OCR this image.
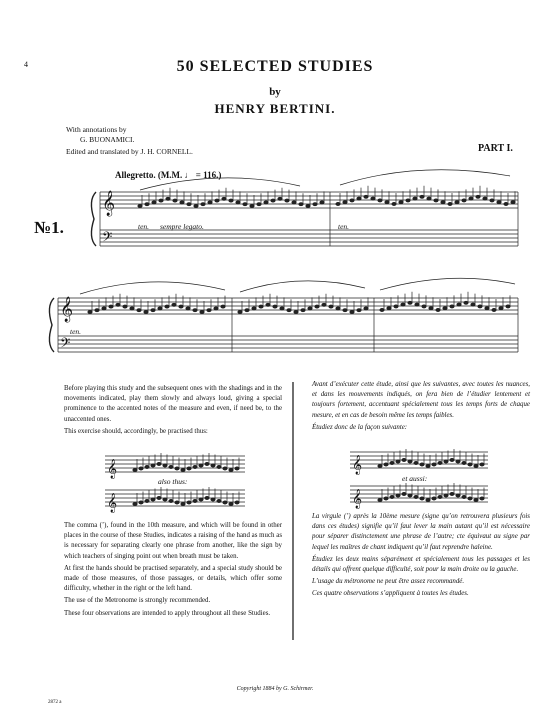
4	50 SELECTED STUDIES
by
HENRY BERTINI.
With annotations by
G. BUONAMICI.
Edited and translated by J. H. CORNELL.	PART I.
𝄞
𝄢
𝄞
𝄢
𝄞
𝄞
𝄞
𝄞
Allegretto. (M.M. ♩ = 116.)
№1.	sempre legato.
ten.	ten.
ten.

Before playing this study and the subsequent ones with the shadings and in the movements indicated, play them slowly and always loud, giving a special prominence to the accented notes of the measure and even, if need be, to the unaccented ones.

This exercise should, accordingly, be practised thus:

also thus:

The comma (’), found in the 10th measure, and which will be found in other places in the course of these Studies, indicates a raising of the hand as much as is necessary for separating clearly one phrase from another, like the sign by which teachers of singing point out when breath must be taken.

At first the hands should be practised separately, and a special study should be made of those measures, of those passages, or details, which offer some difficulty, whether in the right or the left hand.

The use of the Metronome is strongly recommended.

These four observations are intended to apply throughout all these Studies.

Avant d’exécuter cette étude, ainsi que les suivantes, avec toutes les nuances, et dans les mouvements indiqués, on fera bien de l’étudier lentement et toujours fortement, accentuant spécialement tous les temps forts de chaque mesure, et en cas de besoin même les temps faibles.

Étudiez donc de la façon suivante:

et aussi:

La virgule (’) après la 10ème mesure (signe qu’on retrouvera plusieurs fois dans ces études) signifie qu’il faut lever la main autant qu’il est nécessaire pour séparer distinctement une phrase de l’autre; cte équivaut au signe par lequel les maîtres de chant indiquent qu’il faut reprendre haleine.

Étudiez les deux mains séparément et spécialement tous les passages et les détails qui offrent quelque difficulté, soit pour la main droite ou la gauche.

L’usage du métronome ne peut être assez recommandé.

Ces quatre observations s’appliquent à toutes les études.

Copyright 1884 by G. Schirmer.
2872 a
